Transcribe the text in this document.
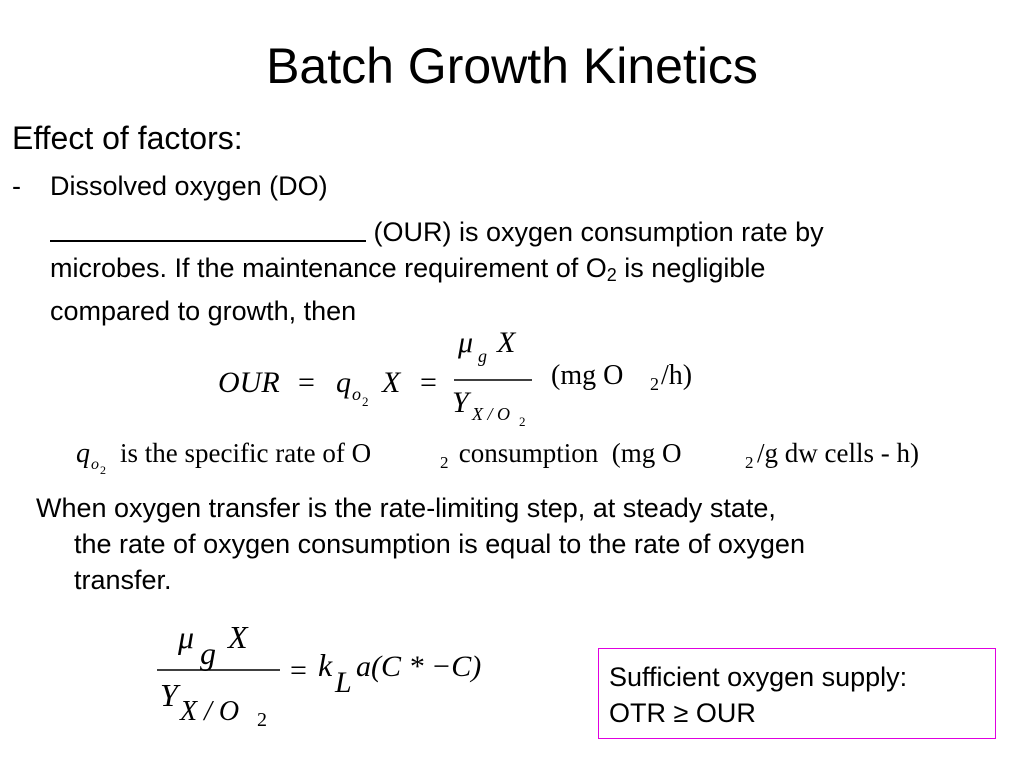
Batch Growth Kinetics
Effect of factors:
- Dissolved oxygen (DO)
(OUR) is oxygen consumption rate by
microbes. If the maintenance requirement of $O_2$ is negligible
compared to growth, then
OUR = q o 2
X =
μ g X
Y X / O 2
(mg O 2 /h)
q o 2
is the specific rate of O	2 consumption  (mg O	2 /g dw cells - h)
When oxygen transfer is the rate-limiting step, at steady state,
the rate of oxygen consumption is equal to the rate of oxygen
transfer.
μ g X
Y X / O 2
= k L a(C * −C)	Sufficient oxygen supply:
OTR ≥ OUR
